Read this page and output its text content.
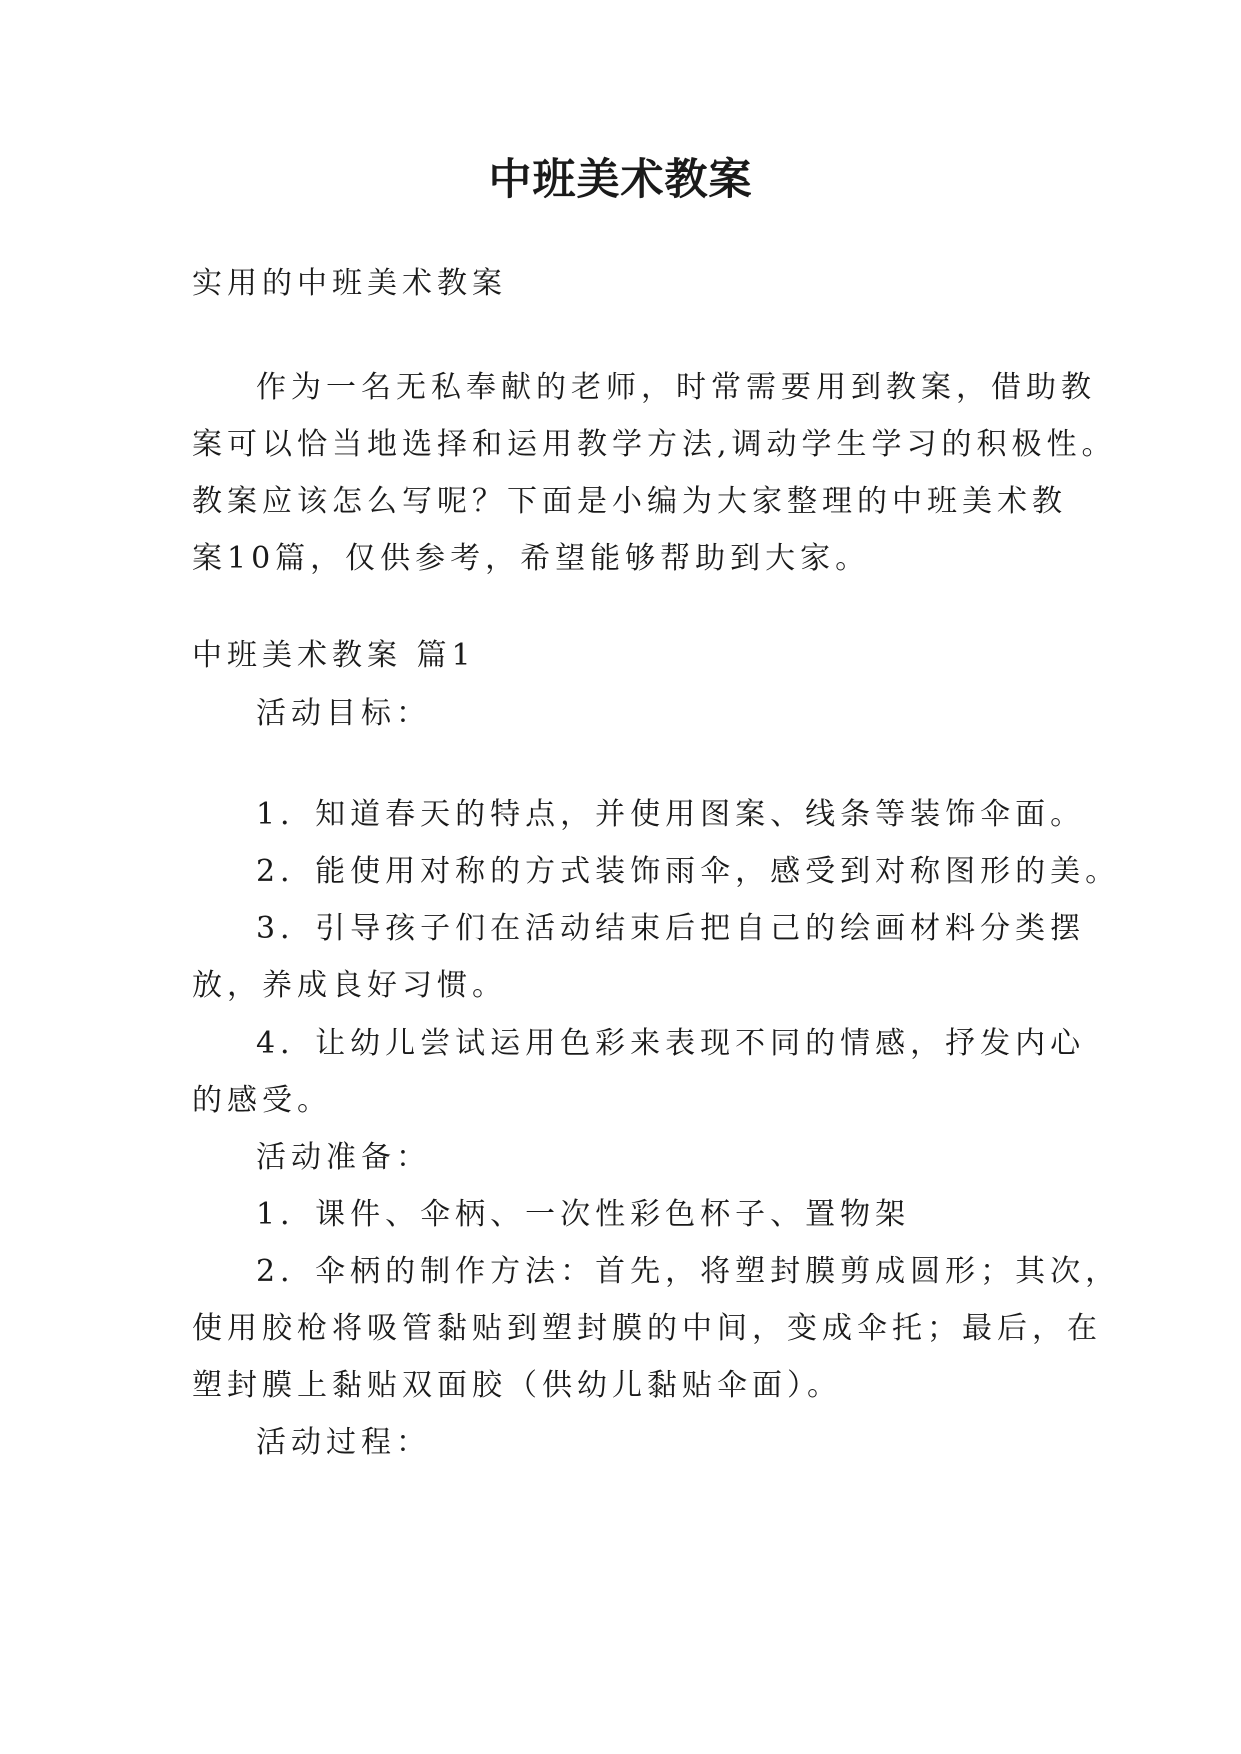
中班美术教案
实用的中班美术教案
作为一名无私奉献的老师，时常需要用到教案，借助教
案可以恰当地选择和运用教学方法,调动学生学习的积极性。
教案应该怎么写呢？下面是小编为大家整理的中班美术教
案10篇，仅供参考，希望能够帮助到大家。
中班美术教案 篇1
活动目标：
1．知道春天的特点，并使用图案、线条等装饰伞面。
2．能使用对称的方式装饰雨伞，感受到对称图形的美。
3．引导孩子们在活动结束后把自己的绘画材料分类摆
放，养成良好习惯。
4．让幼儿尝试运用色彩来表现不同的情感，抒发内心
的感受。
活动准备：
1．课件、伞柄、一次性彩色杯子、置物架
2．伞柄的制作方法：首先，将塑封膜剪成圆形；其次，
使用胶枪将吸管黏贴到塑封膜的中间，变成伞托；最后，在
塑封膜上黏贴双面胶（供幼儿黏贴伞面）。
活动过程：
